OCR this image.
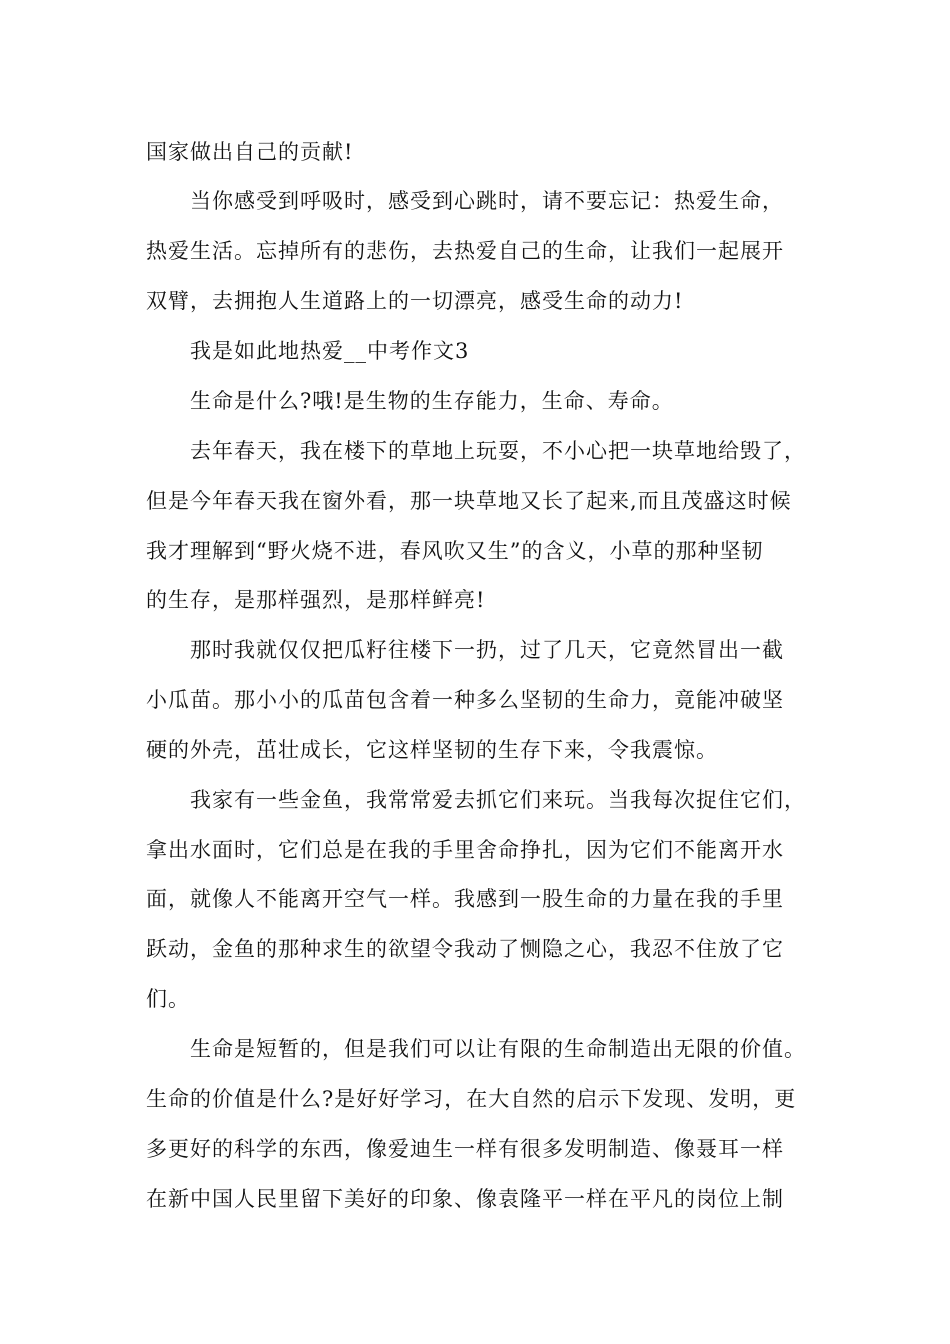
国家做出自己的贡献!

当你感受到呼吸时，感受到心跳时，请不要忘记：热爱生命，

热爱生活。忘掉所有的悲伤，去热爱自己的生命，让我们一起展开

双臂，去拥抱人生道路上的一切漂亮，感受生命的动力!

我是如此地热爱__中考作文3

生命是什么?哦!是生物的生存能力，生命、寿命。

去年春天，我在楼下的草地上玩耍，不小心把一块草地给毁了，

但是今年春天我在窗外看，那一块草地又长了起来,而且茂盛这时候

我才理解到“野火烧不进，春风吹又生”的含义，小草的那种坚韧

的生存，是那样强烈，是那样鲜亮!

那时我就仅仅把瓜籽往楼下一扔，过了几天，它竟然冒出一截

小瓜苗。那小小的瓜苗包含着一种多么坚韧的生命力，竟能冲破坚

硬的外壳，茁壮成长，它这样坚韧的生存下来，令我震惊。

我家有一些金鱼，我常常爱去抓它们来玩。当我每次捉住它们，

拿出水面时，它们总是在我的手里舍命挣扎，因为它们不能离开水

面，就像人不能离开空气一样。我感到一股生命的力量在我的手里

跃动，金鱼的那种求生的欲望令我动了恻隐之心，我忍不住放了它

们。

生命是短暂的，但是我们可以让有限的生命制造出无限的价值。

生命的价值是什么?是好好学习，在大自然的启示下发现、发明，更

多更好的科学的东西，像爱迪生一样有很多发明制造、像聂耳一样

在新中国人民里留下美好的印象、像袁隆平一样在平凡的岗位上制
